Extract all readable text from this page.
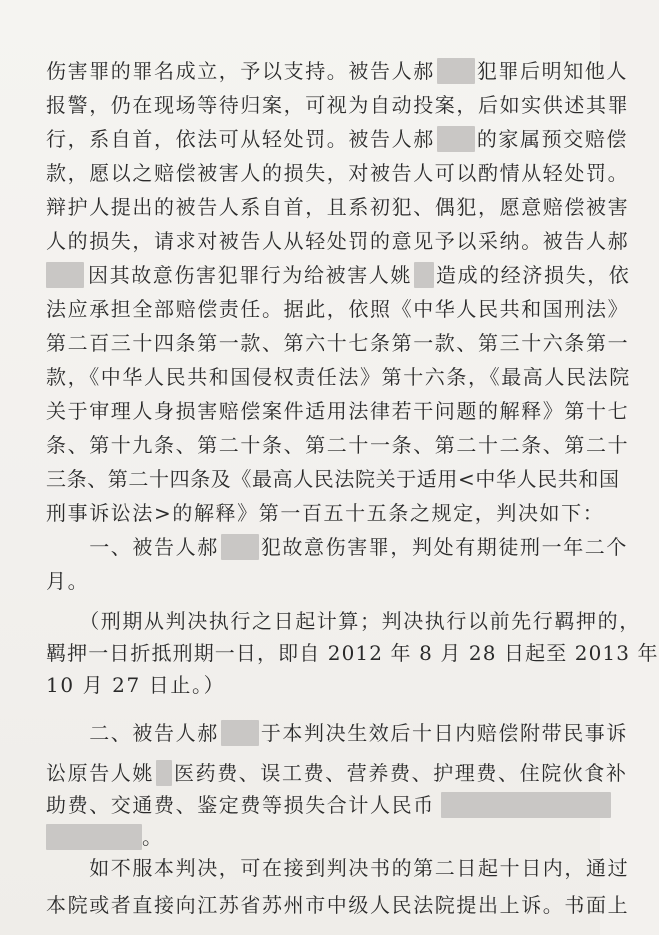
伤害罪的罪名成立，予以支持。被告人郝 犯罪后明知他人
报警，仍在现场等待归案，可视为自动投案，后如实供述其罪
行，系自首，依法可从轻处罚。被告人郝 的家属预交赔偿
款，愿以之赔偿被害人的损失，对被告人可以酌情从轻处罚。
辩护人提出的被告人系自首，且系初犯、偶犯，愿意赔偿被害
人的损失，请求对被告人从轻处罚的意见予以采纳。被告人郝
因其故意伤害犯罪行为给被害人姚 造成的经济损失，依
法应承担全部赔偿责任。据此，依照《中华人民共和国刑法》
第二百三十四条第一款、第六十七条第一款、第三十六条第一
款，《中华人民共和国侵权责任法》第十六条，《最高人民法院
关于审理人身损害赔偿案件适用法律若干问题的解释》第十七
条、第十九条、第二十条、第二十一条、第二十二条、第二十
三条、第二十四条及《最高人民法院关于适用<中华人民共和国
刑事诉讼法>的解释》第一百五十五条之规定，判决如下：
　　一、被告人郝 犯故意伤害罪，判处有期徒刑一年二个
月。
　　（刑期从判决执行之日起计算；判决执行以前先行羁押的，
羁押一日折抵刑期一日，即自 2012 年 8 月 28 日起至 2013 年
10 月 27 日止。）
　　二、被告人郝 于本判决生效后十日内赔偿附带民事诉
讼原告人姚 医药费、误工费、营养费、护理费、住院伙食补
助费、交通费、鉴定费等损失合计人民币
。
　　如不服本判决，可在接到判决书的第二日起十日内，通过
本院或者直接向江苏省苏州市中级人民法院提出上诉。书面上
